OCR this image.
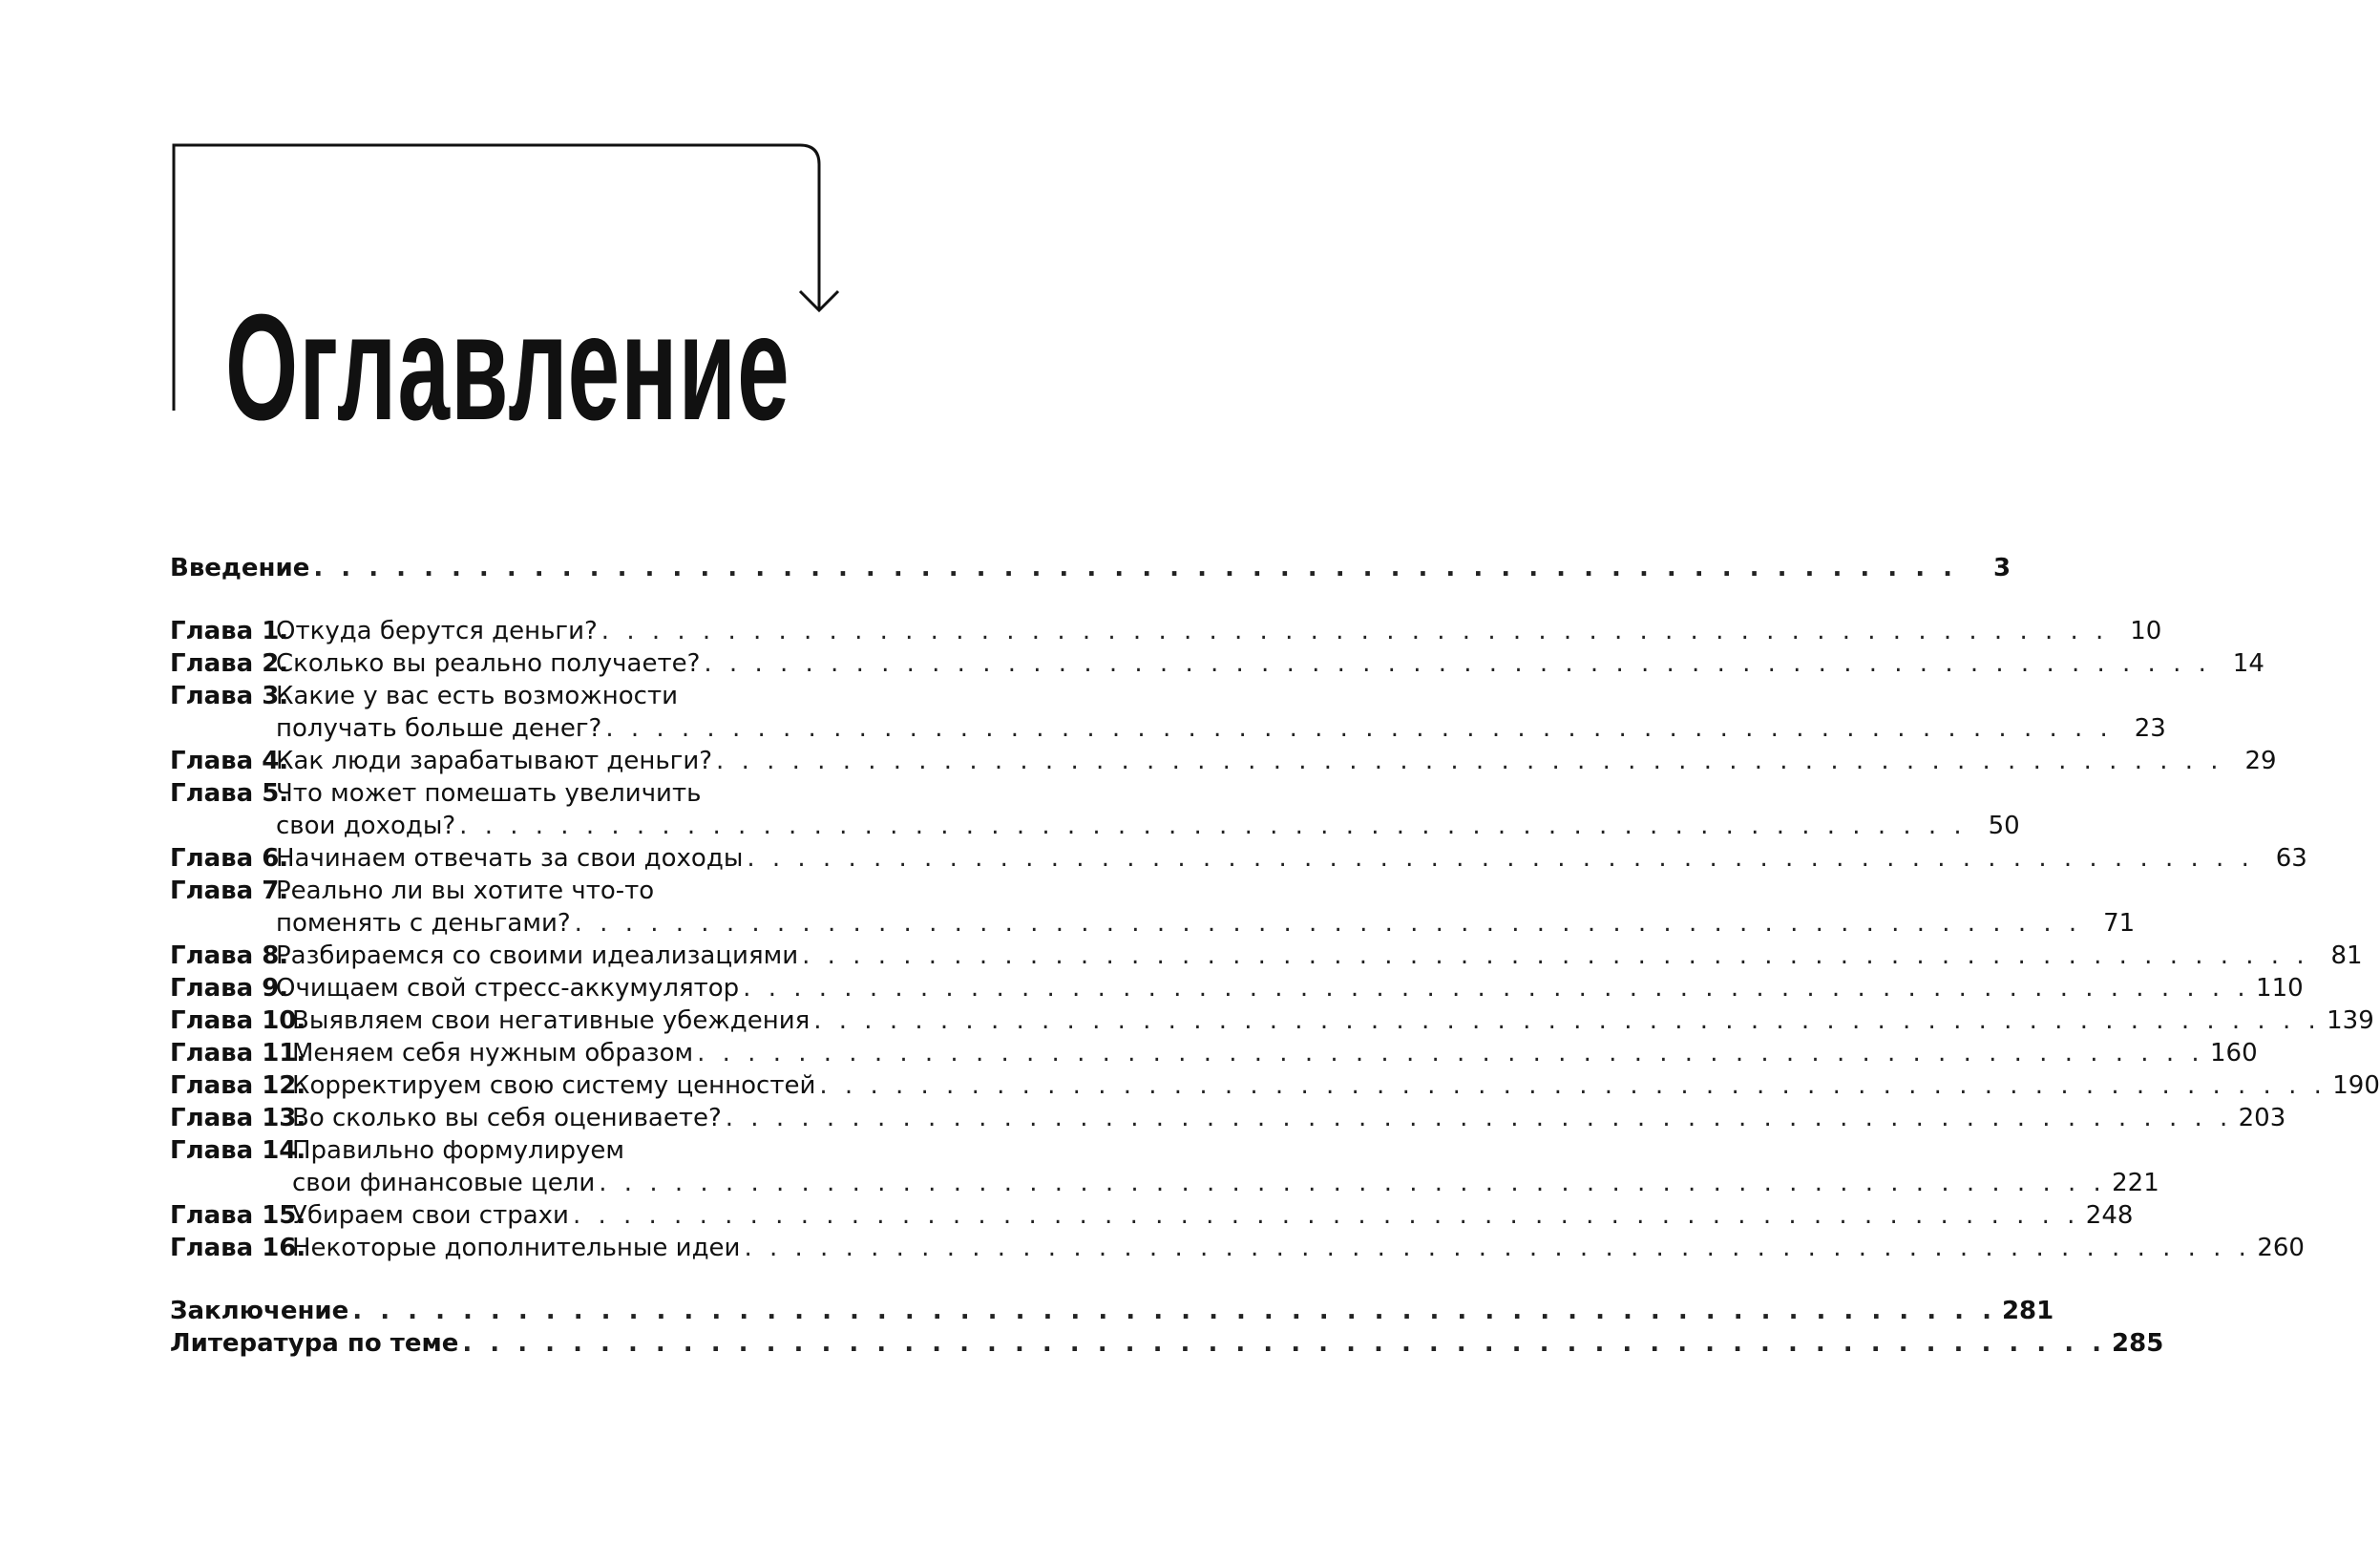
Оглавление
Введение . . .	3
Глава 1.
Откуда берутся деньги? . . .	10
Глава 2.
Сколько вы реально получаете? . . .	14
Глава 3.
Какие у вас есть возможности
получать больше денег? . . .	23
Глава 4.
Как люди зарабатывают деньги? . . .	29
Глава 5.
Что может помешать увеличить
свои доходы? . . .	50
Глава 6.
Начинаем отвечать за свои доходы . . .	63
Глава 7.
Реально ли вы хотите что-то
поменять с деньгами? . . .	71
Глава 8.
Разбираемся со своими идеализациями . . .	81
Глава 9.
Очищаем свой стресс-аккумулятор . . .	110
Глава 10.
Выявляем свои негативные убеждения . . .	139
Глава 11.
Меняем себя нужным образом . . .	160
Глава 12.
Корректируем свою систему ценностей . . .	190
Глава 13.
Во сколько вы себя оцениваете? . . .	203
Глава 14.
Правильно формулируем
свои финансовые цели . . .	221
Глава 15.
Убираем свои страхи . . .	248
Глава 16.
Некоторые дополнительные идеи . . .	260
Заключение . . .	281
Литература по теме . . .	285
